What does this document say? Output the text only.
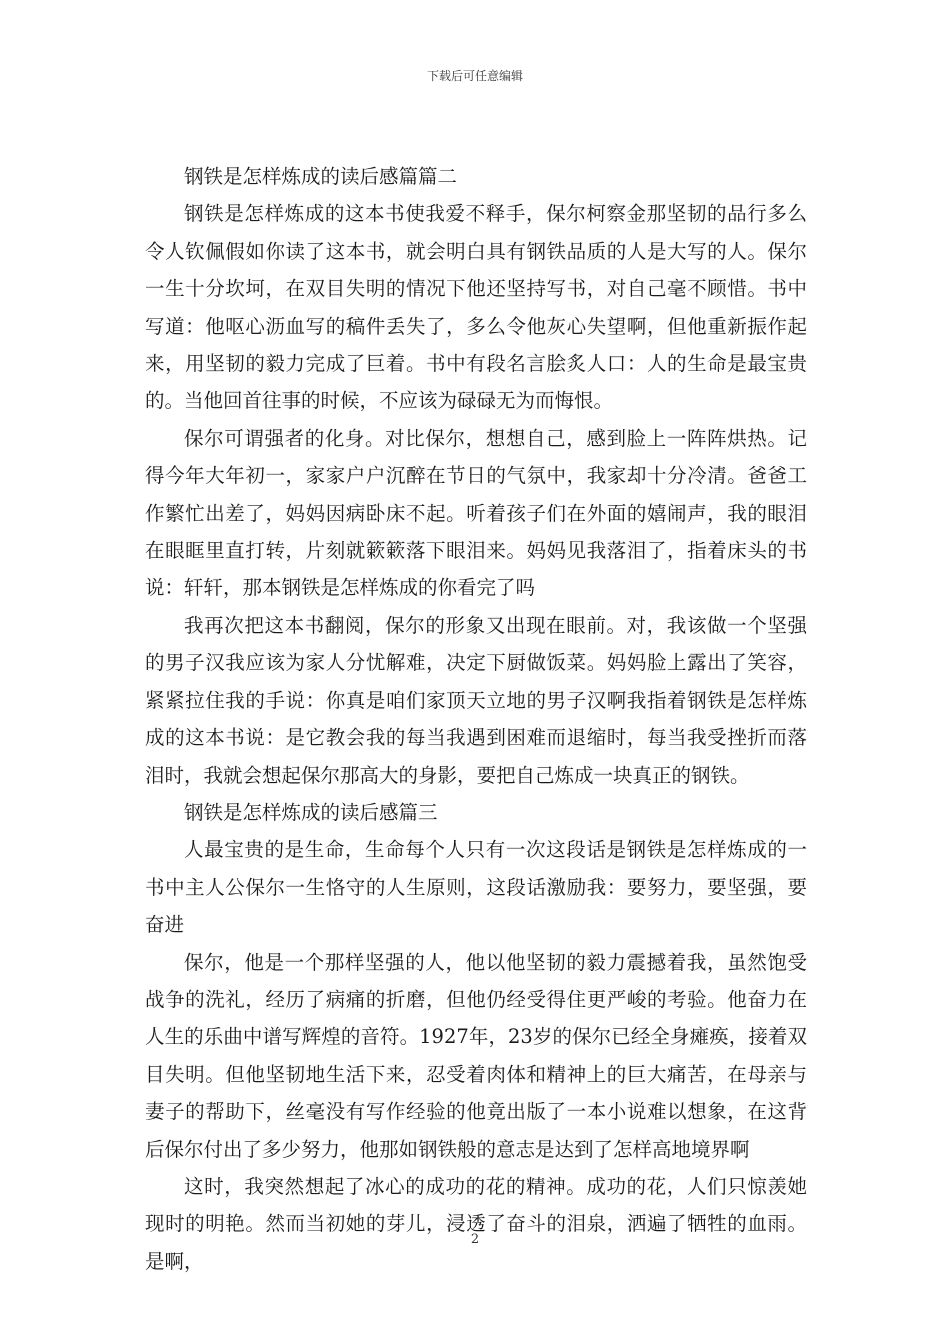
下载后可任意编辑

钢铁是怎样炼成的读后感篇篇二

钢铁是怎样炼成的这本书使我爱不释手，保尔柯察金那坚韧的品行多么令人钦佩假如你读了这本书，就会明白具有钢铁品质的人是大写的人。保尔一生十分坎坷，在双目失明的情况下他还坚持写书，对自己毫不顾惜。书中写道：他呕心沥血写的稿件丢失了，多么令他灰心失望啊，但他重新振作起来，用坚韧的毅力完成了巨着。书中有段名言脍炙人口：人的生命是最宝贵的。当他回首往事的时候，不应该为碌碌无为而悔恨。

保尔可谓强者的化身。对比保尔，想想自己，感到脸上一阵阵烘热。记得今年大年初一，家家户户沉醉在节日的气氛中，我家却十分冷清。爸爸工作繁忙出差了，妈妈因病卧床不起。听着孩子们在外面的嬉闹声，我的眼泪在眼眶里直打转，片刻就簌簌落下眼泪来。妈妈见我落泪了，指着床头的书说：轩轩，那本钢铁是怎样炼成的你看完了吗

我再次把这本书翻阅，保尔的形象又出现在眼前。对，我该做一个坚强的男子汉我应该为家人分忧解难，决定下厨做饭菜。妈妈脸上露出了笑容，紧紧拉住我的手说：你真是咱们家顶天立地的男子汉啊我指着钢铁是怎样炼成的这本书说：是它教会我的每当我遇到困难而退缩时，每当我受挫折而落泪时，我就会想起保尔那高大的身影，要把自己炼成一块真正的钢铁。

钢铁是怎样炼成的读后感篇三

人最宝贵的是生命，生命每个人只有一次这段话是钢铁是怎样炼成的一书中主人公保尔一生恪守的人生原则，这段话激励我：要努力，要坚强，要奋进

保尔，他是一个那样坚强的人，他以他坚韧的毅力震撼着我，虽然饱受战争的洗礼，经历了病痛的折磨，但他仍经受得住更严峻的考验。他奋力在人生的乐曲中谱写辉煌的音符。1927年，23岁的保尔已经全身瘫痪，接着双目失明。但他坚韧地生活下来，忍受着肉体和精神上的巨大痛苦，在母亲与妻子的帮助下，丝毫没有写作经验的他竟出版了一本小说难以想象，在这背后保尔付出了多少努力，他那如钢铁般的意志是达到了怎样高地境界啊

这时，我突然想起了冰心的成功的花的精神。成功的花，人们只惊羡她现时的明艳。然而当初她的芽儿，浸透了奋斗的泪泉，洒遍了牺牲的血雨。是啊，

2
